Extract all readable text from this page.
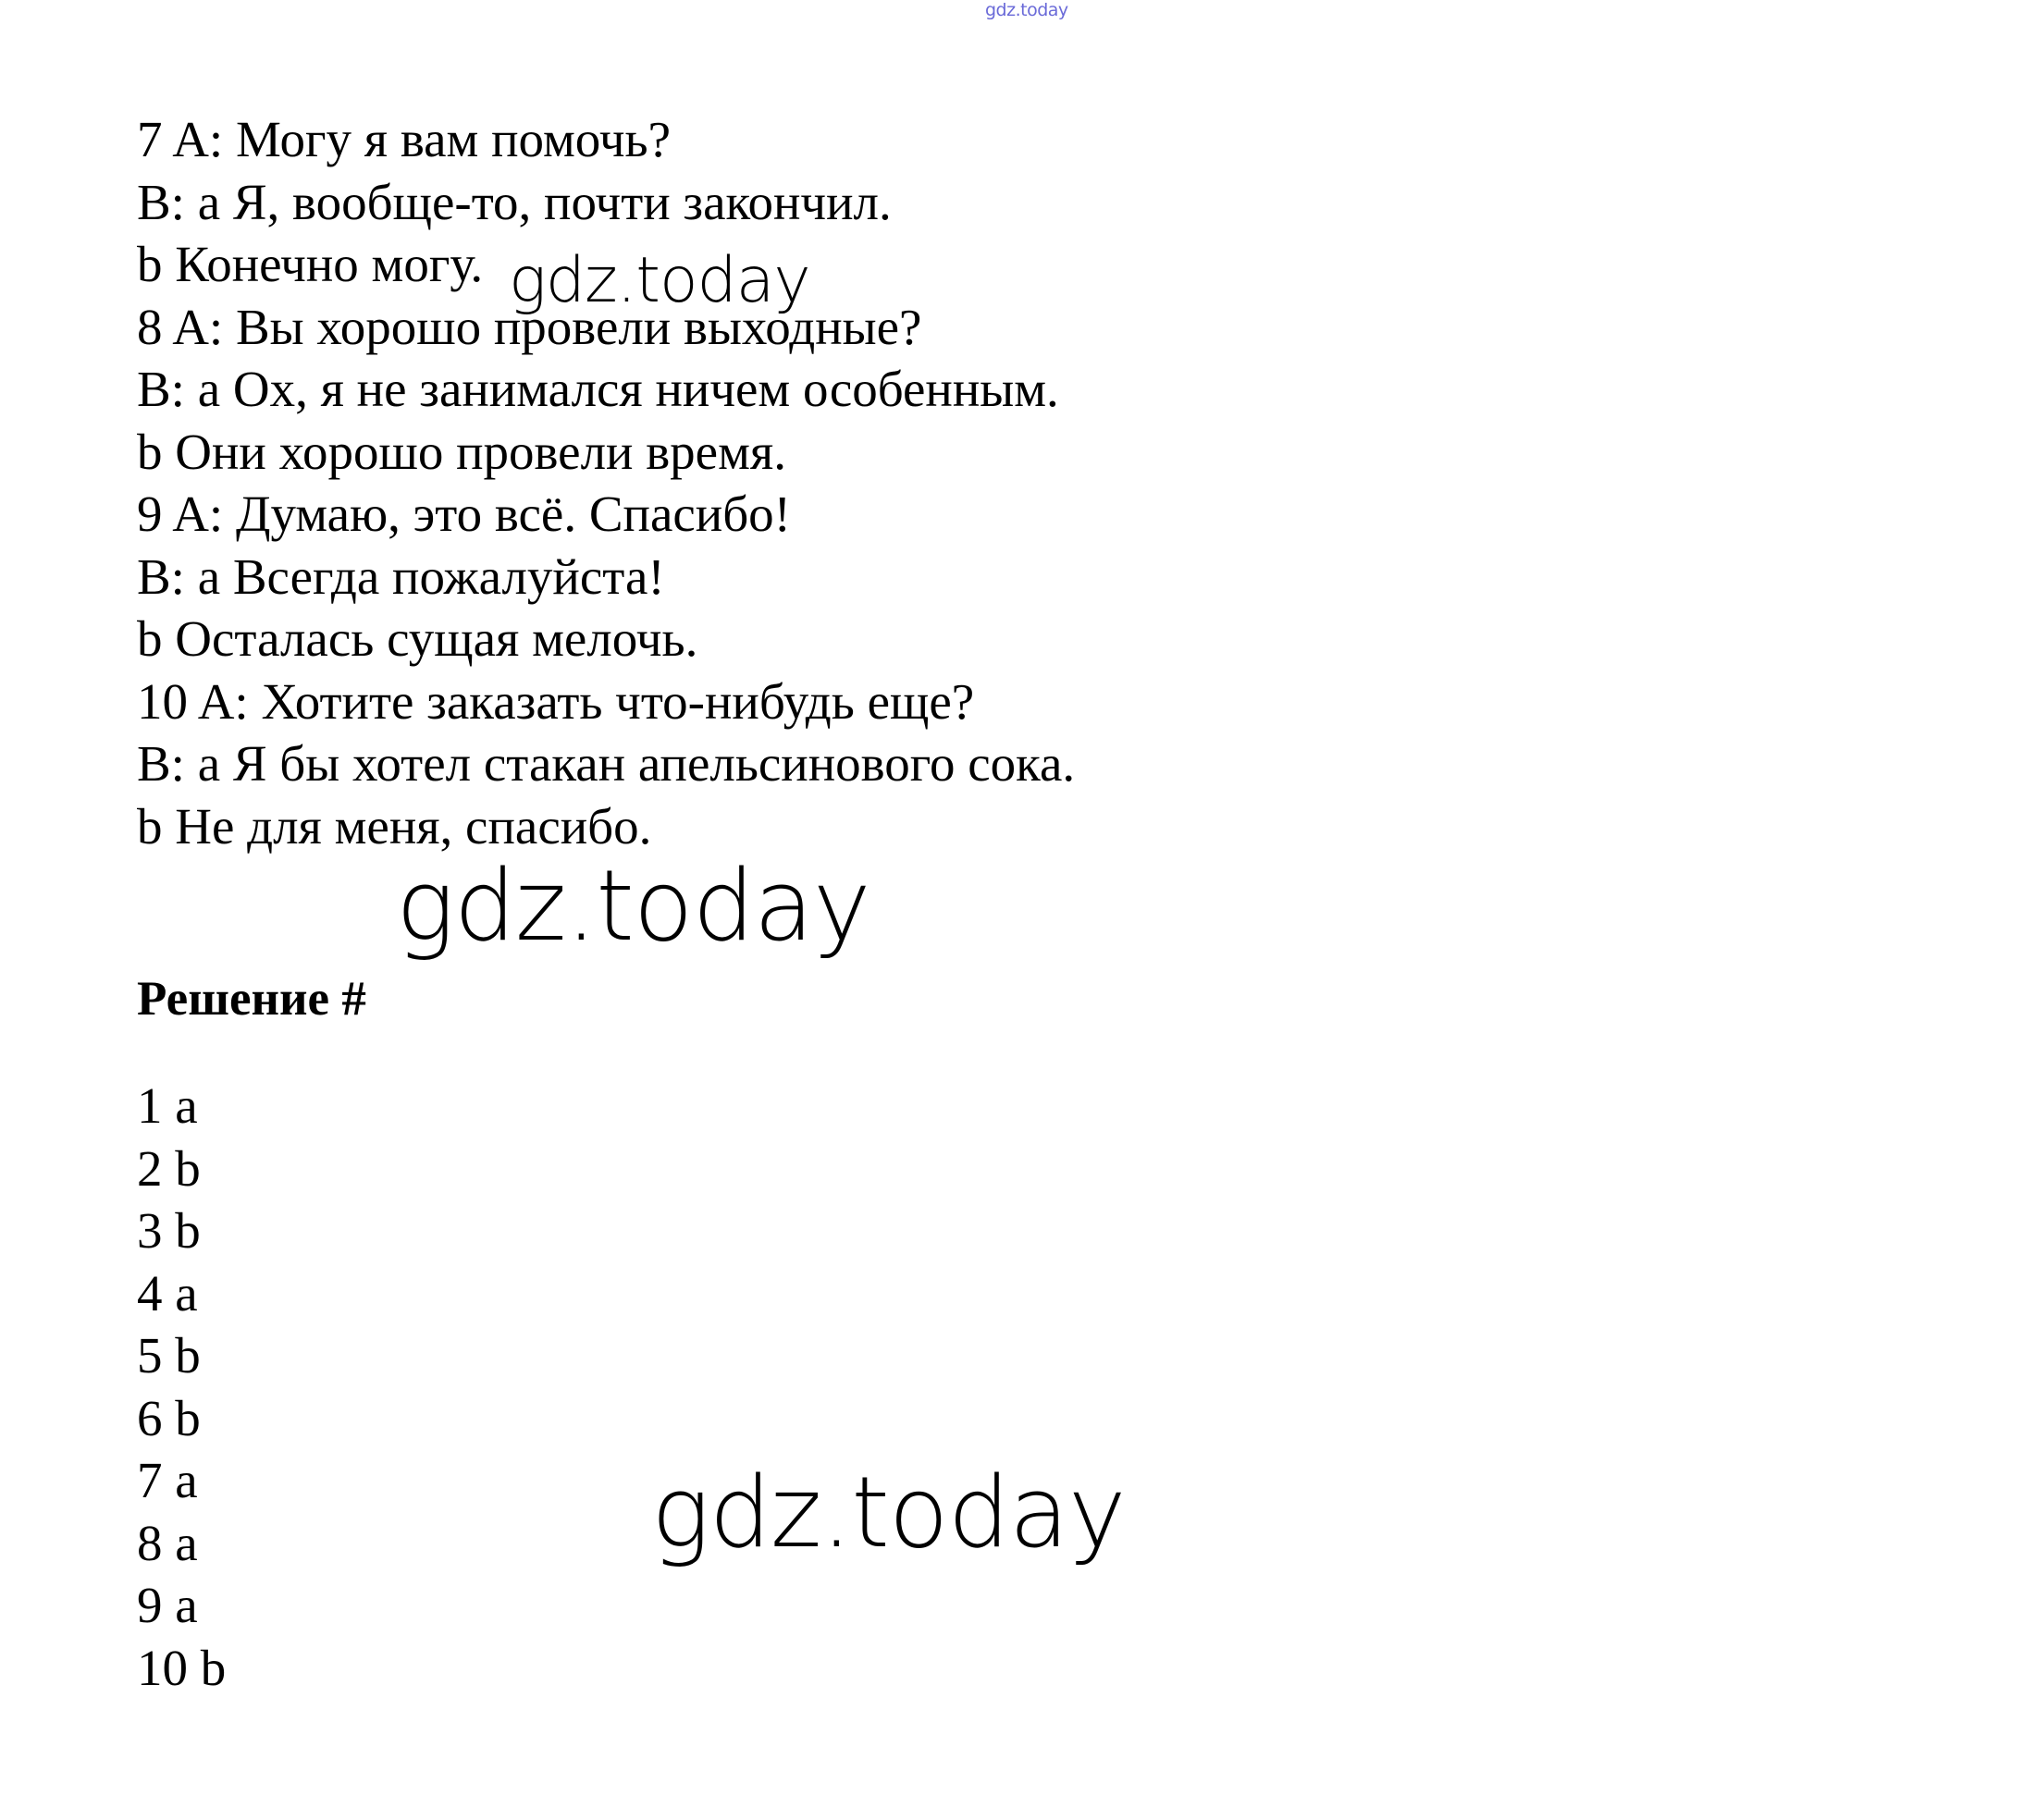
gdz.today
7 A: Могу я вам помочь?
B: a Я, вообще-то, почти закончил.
b Конечно могу.
8 A: Вы хорошо провели выходные?
B: a Ох, я не занимался ничем особенным.
b Они хорошо провели время.
9 A: Думаю, это всё. Спасибо!
B: a Всегда пожалуйста!
b Осталась сущая мелочь.
10 A: Хотите заказать что-нибудь еще?
B: a Я бы хотел стакан апельсинового сока.
b Не для меня, спасибо.
gdz.today
gdz.today
Решение #
1 a
2 b
3 b
4 a
5 b
6 b
7 a
8 a
9 a
10 b
gdz.today
